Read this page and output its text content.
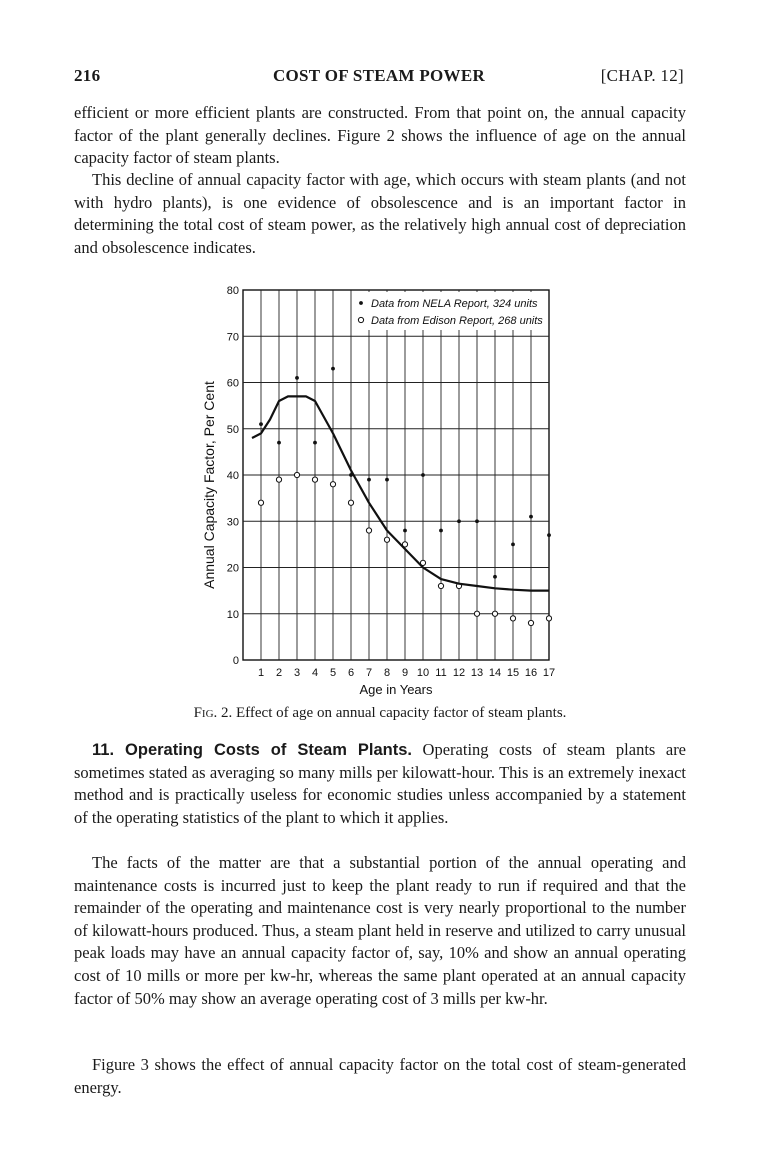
216	COST OF STEAM POWER	[CHAP. 12]

efficient or more efficient plants are constructed. From that point on, the annual capacity factor of the plant generally declines. Figure 2 shows the influence of age on the annual capacity factor of steam plants.

This decline of annual capacity factor with age, which occurs with steam plants (and not with hydro plants), is one evidence of obsolescence and is an important factor in determining the total cost of steam power, as the relatively high annual cost of depreciation and obsolescence indicates.

1 2 3 4 5 6 7 8 9 10 11 12 13 14 15 16 17
0
10
20
30
40
50
60
70
80
Age in Years
Annual Capacity Factor, Per Cent
Data from NELA Report, 324 units
Data from Edison Report, 268 units
Fig. 2. Effect of age on annual capacity factor of steam plants.

11. Operating Costs of Steam Plants. Operating costs of steam plants are sometimes stated as averaging so many mills per kilowatt-hour. This is an extremely inexact method and is practically useless for economic studies unless accompanied by a statement of the operating statistics of the plant to which it applies.

The facts of the matter are that a substantial portion of the annual operating and maintenance costs is incurred just to keep the plant ready to run if required and that the remainder of the operating and maintenance cost is very nearly proportional to the number of kilowatt-hours produced. Thus, a steam plant held in reserve and utilized to carry unusual peak loads may have an annual capacity factor of, say, 10% and show an annual operating cost of 10 mills or more per kw-hr, whereas the same plant operated at an annual capacity factor of 50% may show an average operating cost of 3 mills per kw-hr.

Figure 3 shows the effect of annual capacity factor on the total cost of steam-generated energy.
